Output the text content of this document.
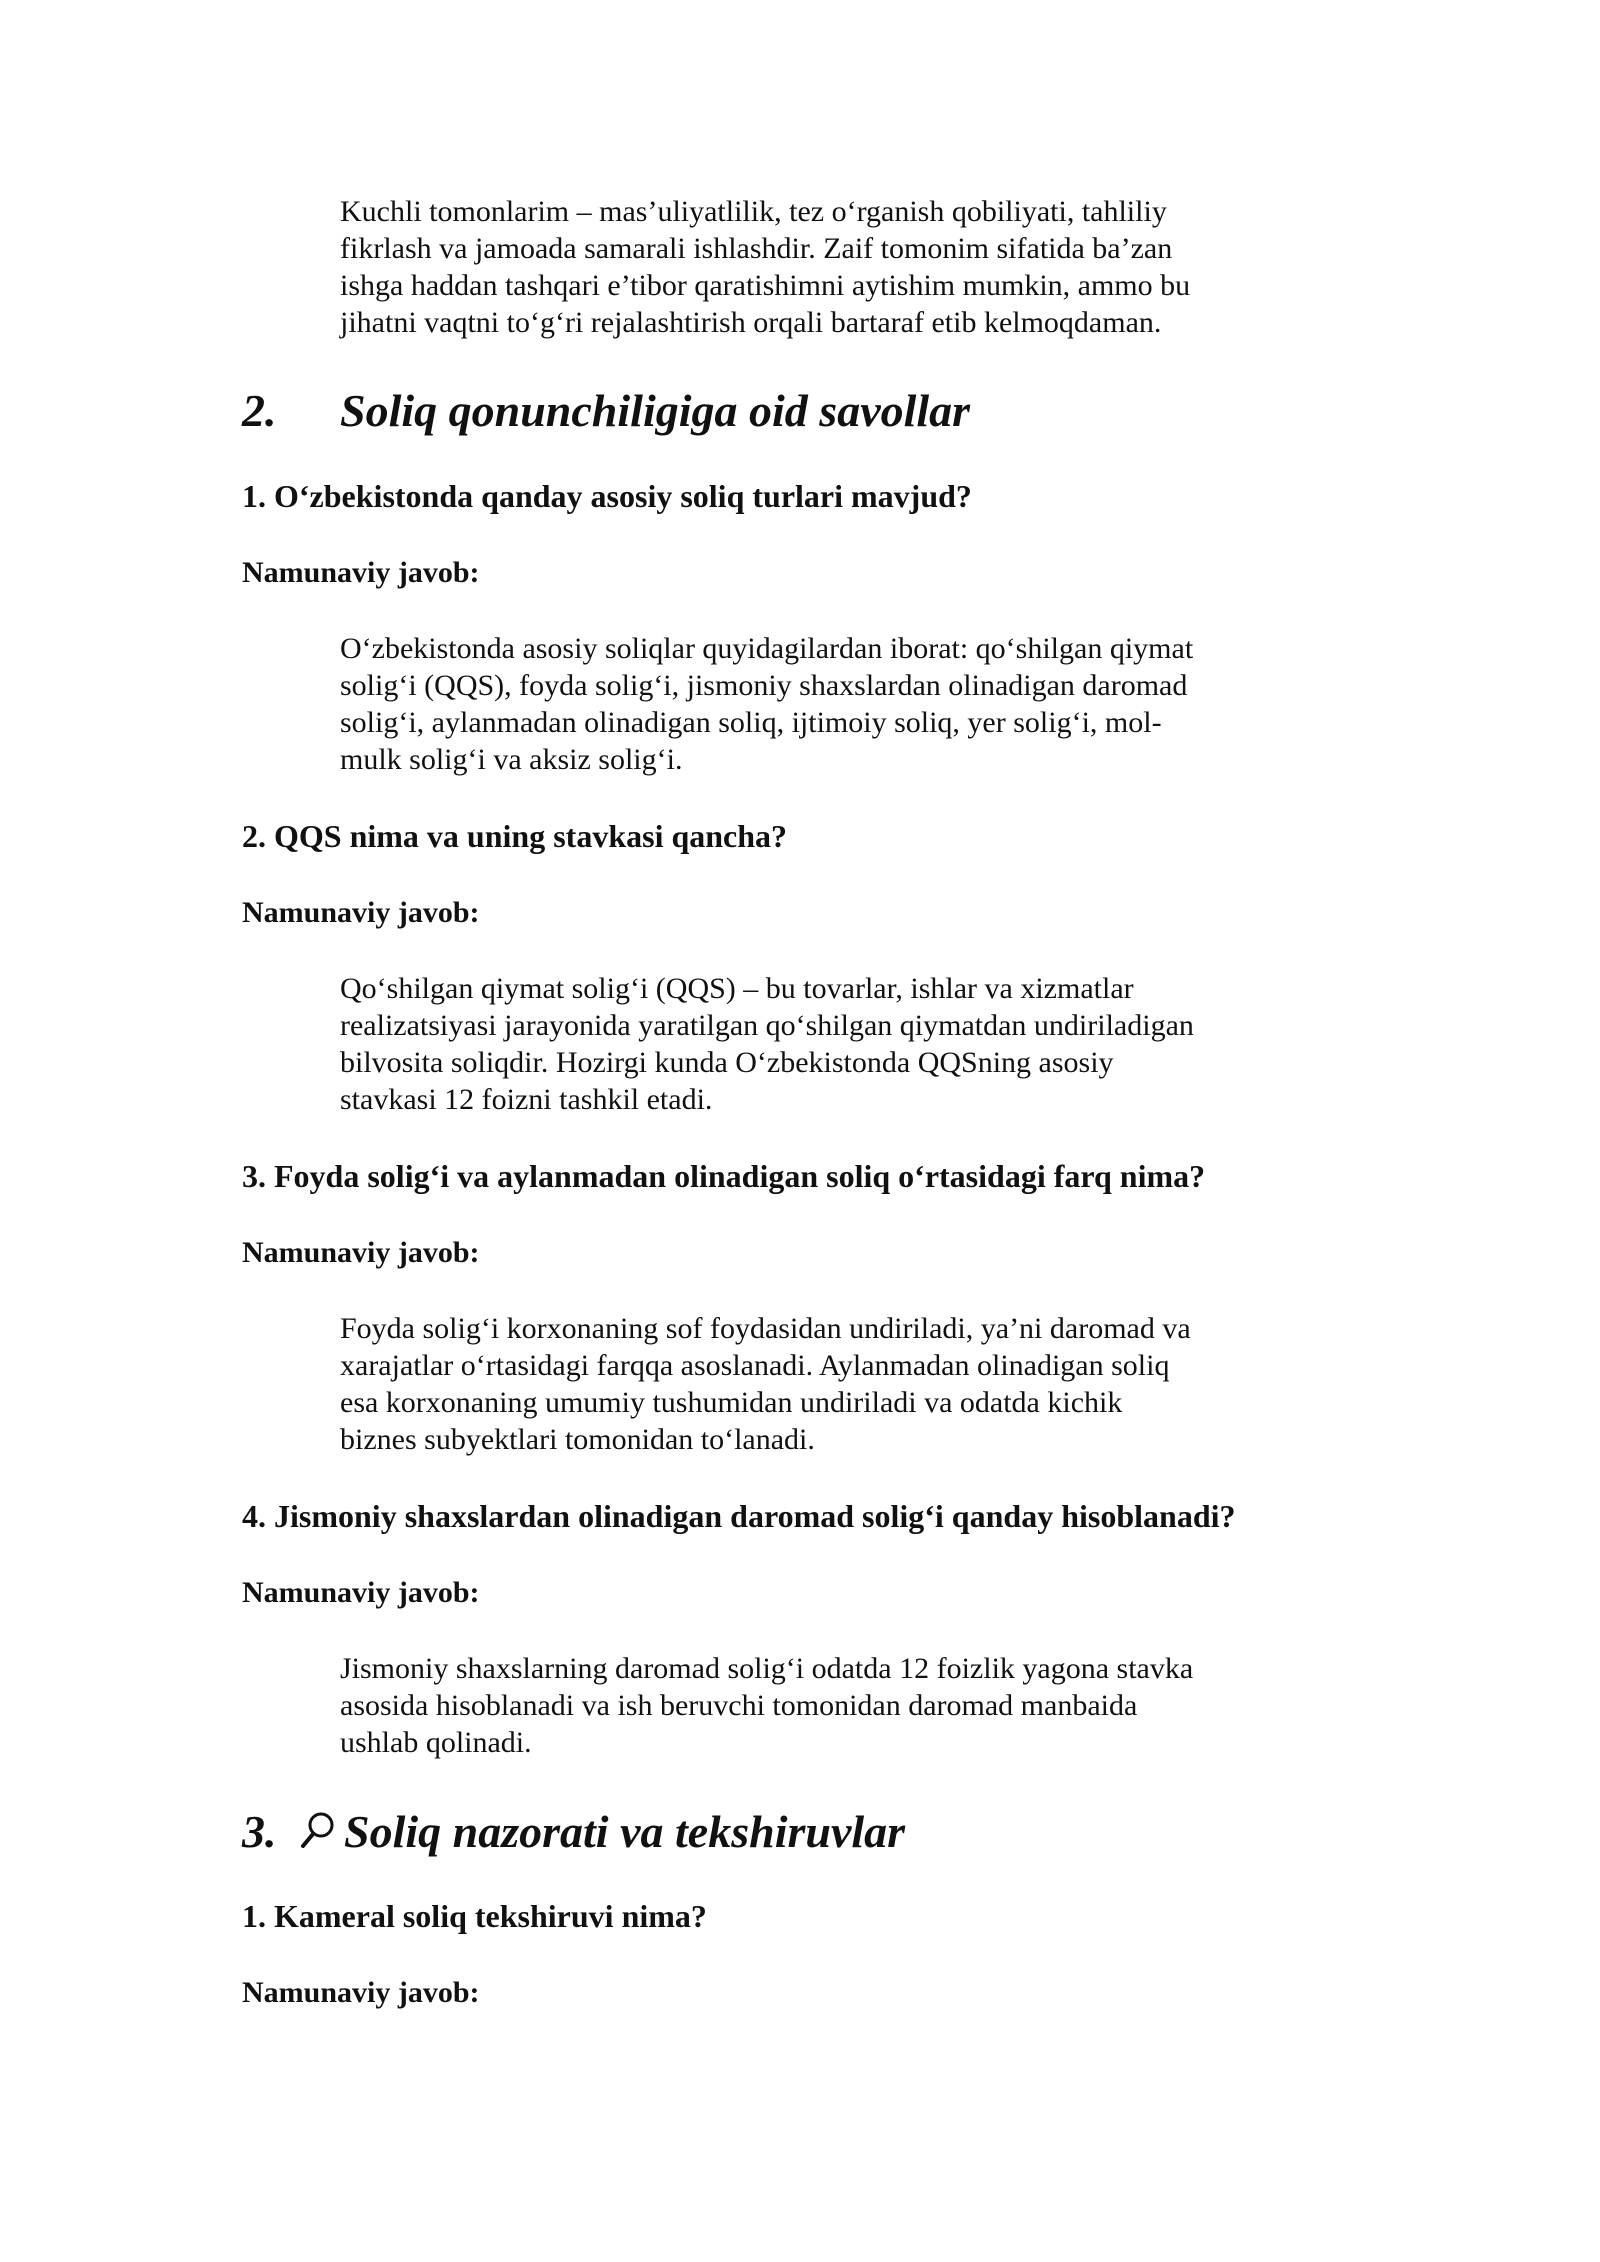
Kuchli tomonlarim – mas’uliyatlilik, tez o‘rganish qobiliyati, tahliliy
fikrlash va jamoada samarali ishlashdir. Zaif tomonim sifatida ba’zan
ishga haddan tashqari e’tibor qaratishimni aytishim mumkin, ammo bu
jihatni vaqtni to‘g‘ri rejalashtirish orqali bartaraf etib kelmoqdaman.
2. Soliq qonunchiligiga oid savollar
1. O‘zbekistonda qanday asosiy soliq turlari mavjud?

Namunaviy javob:

O‘zbekistonda asosiy soliqlar quyidagilardan iborat: qo‘shilgan qiymat
solig‘i (QQS), foyda solig‘i, jismoniy shaxslardan olinadigan daromad
solig‘i, aylanmadan olinadigan soliq, ijtimoiy soliq, yer solig‘i, mol-
mulk solig‘i va aksiz solig‘i.
2. QQS nima va uning stavkasi qancha?

Namunaviy javob:

Qo‘shilgan qiymat solig‘i (QQS) – bu tovarlar, ishlar va xizmatlar
realizatsiyasi jarayonida yaratilgan qo‘shilgan qiymatdan undiriladigan
bilvosita soliqdir. Hozirgi kunda O‘zbekistonda QQSning asosiy
stavkasi 12 foizni tashkil etadi.
3. Foyda solig‘i va aylanmadan olinadigan soliq o‘rtasidagi farq nima?

Namunaviy javob:

Foyda solig‘i korxonaning sof foydasidan undiriladi, ya’ni daromad va
xarajatlar o‘rtasidagi farqqa asoslanadi. Aylanmadan olinadigan soliq
esa korxonaning umumiy tushumidan undiriladi va odatda kichik
biznes subyektlari tomonidan to‘lanadi.
4. Jismoniy shaxslardan olinadigan daromad solig‘i qanday hisoblanadi?

Namunaviy javob:

Jismoniy shaxslarning daromad solig‘i odatda 12 foizlik yagona stavka
asosida hisoblanadi va ish beruvchi tomonidan daromad manbaida
ushlab qolinadi.
3. Soliq nazorati va tekshiruvlar
1. Kameral soliq tekshiruvi nima?

Namunaviy javob:
